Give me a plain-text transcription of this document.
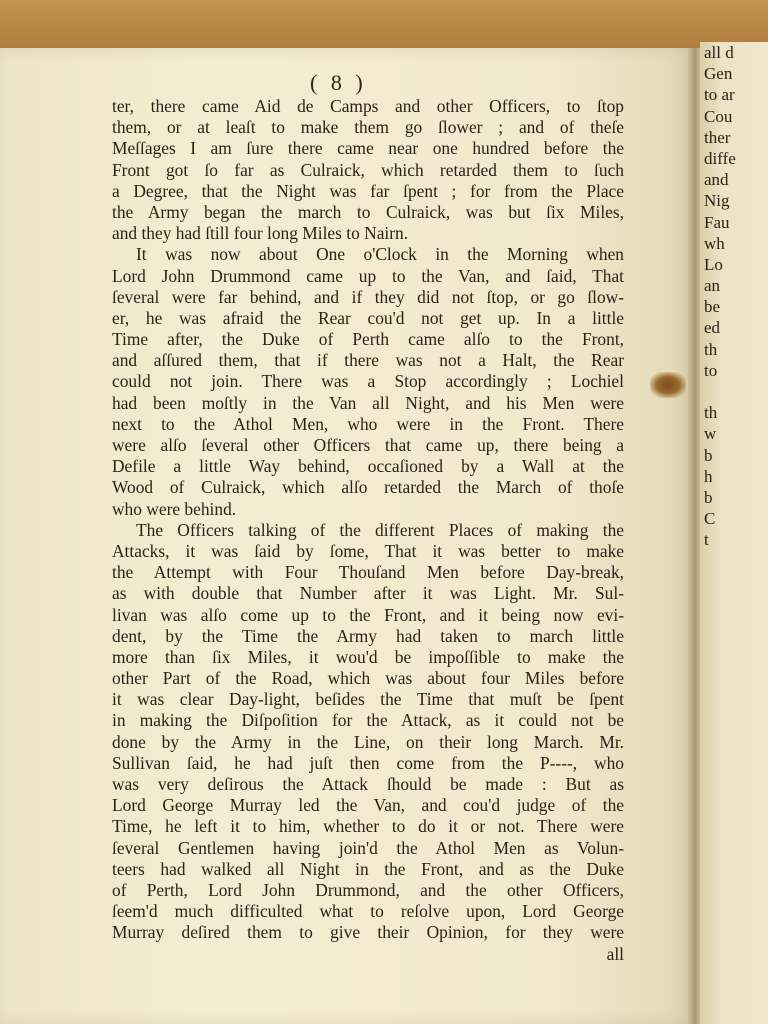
all d
Gen
to ar
Cou
ther
diffe
and
Nig
Fau
wh
Lo
an
be
ed
th
to
th
w
b
h
b
C
t
( 8 )
ter, there came Aid de Camps and other Officers, to ſtop
them, or at leaſt to make them go ſlower ; and of theſe
Meſſages I am ſure there came near one hundred before the
Front got ſo far as Culraick, which retarded them to ſuch
a Degree, that the Night was far ſpent ; for from the Place
the Army began the march to Culraick, was but ſix Miles,
and they had ſtill four long Miles to Nairn.
It was now about One o'Clock in the Morning when
Lord John Drummond came up to the Van, and ſaid, That
ſeveral were far behind, and if they did not ſtop, or go ſlow-
er, he was afraid the Rear cou'd not get up. In a little
Time after, the Duke of Perth came alſo to the Front,
and aſſured them, that if there was not a Halt, the Rear
could not join. There was a Stop accordingly ; Lochiel
had been moſtly in the Van all Night, and his Men were
next to the Athol Men, who were in the Front. There
were alſo ſeveral other Officers that came up, there being a
Defile a little Way behind, occaſioned by a Wall at the
Wood of Culraick, which alſo retarded the March of thoſe
who were behind.
The Officers talking of the different Places of making the
Attacks, it was ſaid by ſome, That it was better to make
the Attempt with Four Thouſand Men before Day-break,
as with double that Number after it was Light. Mr. Sul-
livan was alſo come up to the Front, and it being now evi-
dent, by the Time the Army had taken to march little
more than ſix Miles, it wou'd be impoſſible to make the
other Part of the Road, which was about four Miles before
it was clear Day-light, beſides the Time that muſt be ſpent
in making the Diſpoſition for the Attack, as it could not be
done by the Army in the Line, on their long March. Mr.
Sullivan ſaid, he had juſt then come from the P----, who
was very deſirous the Attack ſhould be made : But as
Lord George Murray led the Van, and cou'd judge of the
Time, he left it to him, whether to do it or not. There were
ſeveral Gentlemen having join'd the Athol Men as Volun-
teers had walked all Night in the Front, and as the Duke
of Perth, Lord John Drummond, and the other Officers,
ſeem'd much difficulted what to reſolve upon, Lord George
Murray deſired them to give their Opinion, for they were
all
